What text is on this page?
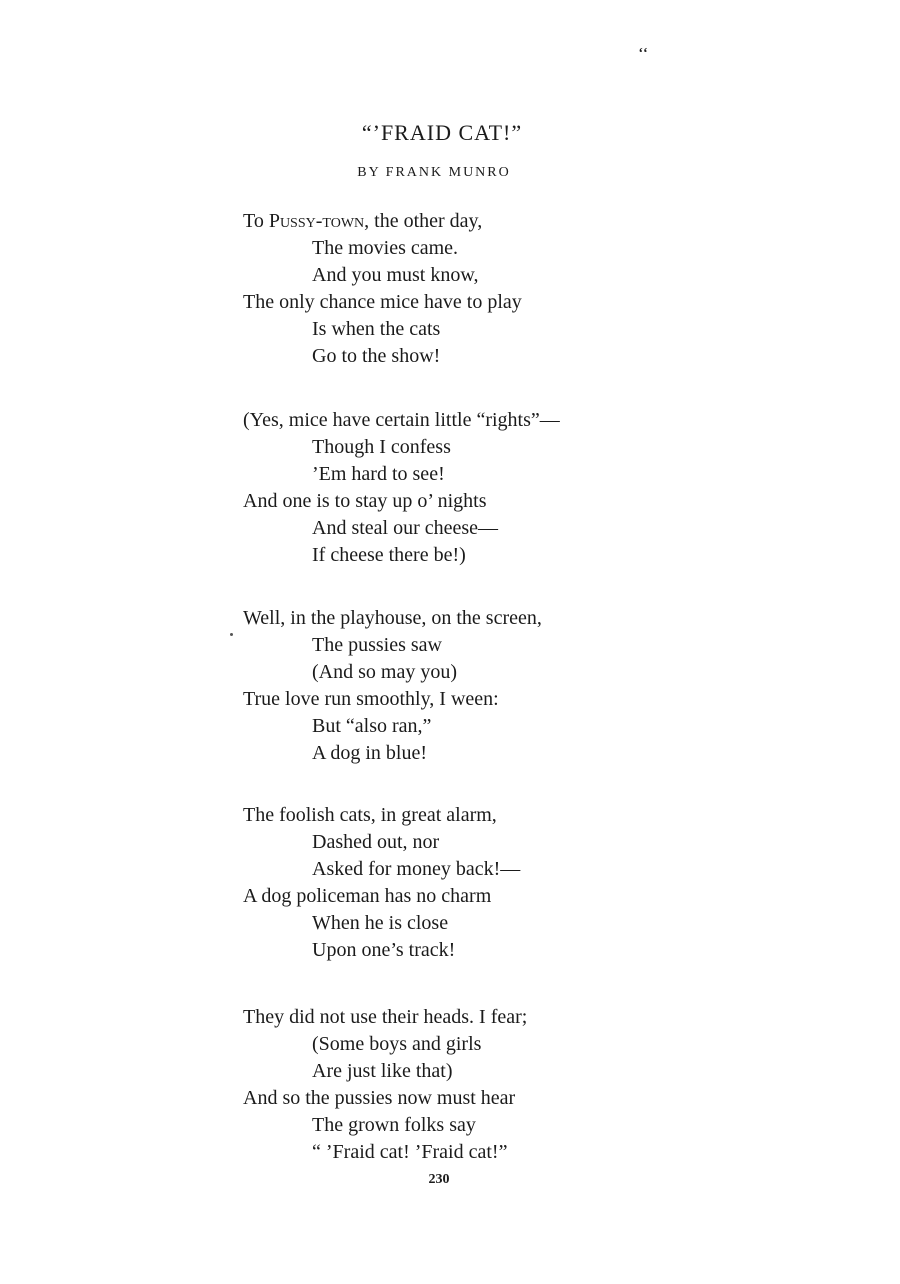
ʻʻ
“’FRAID CAT!”
BY FRANK MUNRO
To Pussy-town, the other day,
The movies came.
And you must know,
The only chance mice have to play
Is when the cats
Go to the show!
(Yes, mice have certain little “rights”—
Though I confess
’Em hard to see!
And one is to stay up o’ nights
And steal our cheese—
If cheese there be!)
Well, in the playhouse, on the screen,
The pussies saw
(And so may you)
True love run smoothly, I ween:
But “also ran,”
A dog in blue!
The foolish cats, in great alarm,
Dashed out, nor
Asked for money back!—
A dog policeman has no charm
When he is close
Upon one’s track!
They did not use their heads. I fear;
(Some boys and girls
Are just like that)
And so the pussies now must hear
The grown folks say
“ ’Fraid cat! ’Fraid cat!”
230
